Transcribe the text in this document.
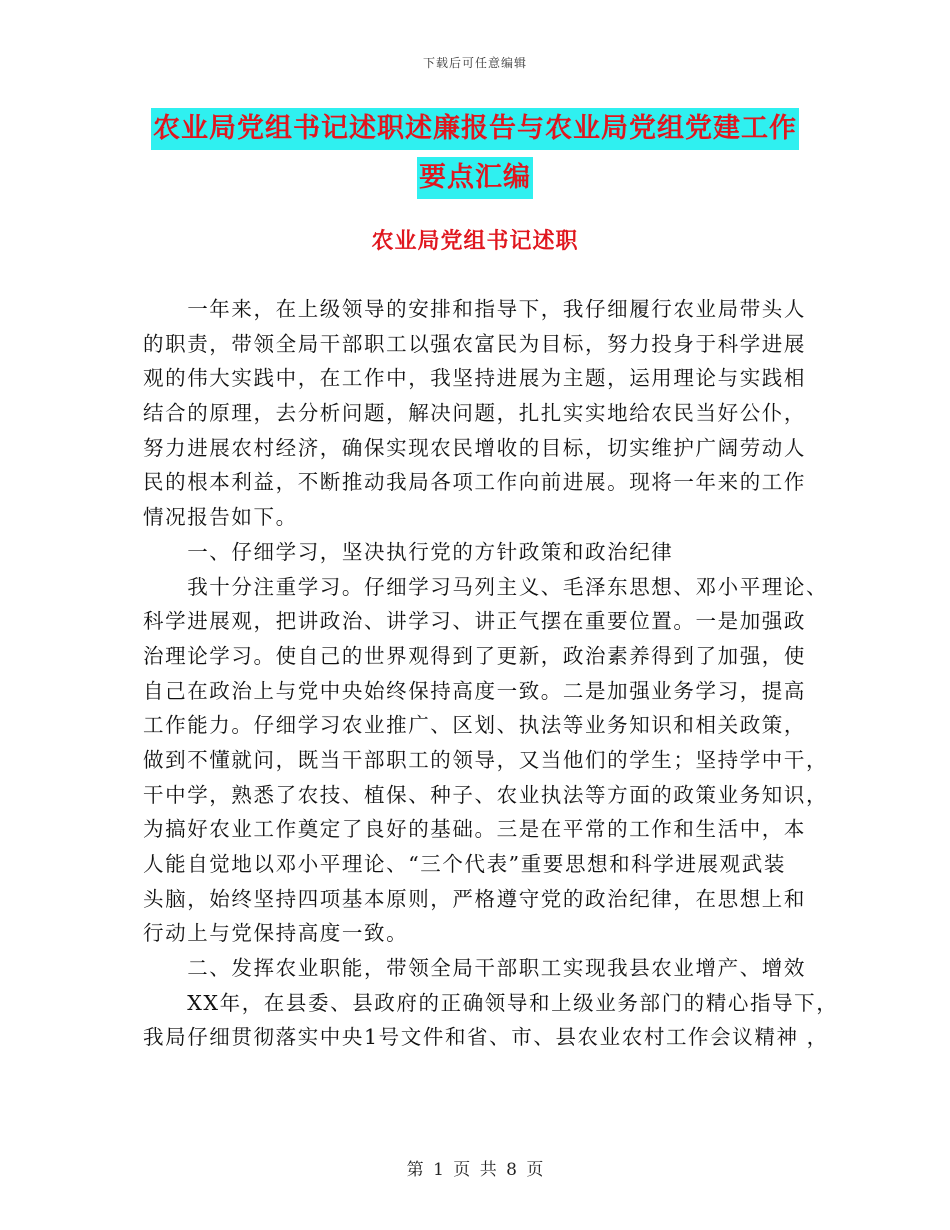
下载后可任意编辑
农业局党组书记述职述廉报告与农业局党组党建工作
要点汇编
农业局党组书记述职
　　一年来，在上级领导的安排和指导下，我仔细履行农业局带头人
的职责，带领全局干部职工以强农富民为目标，努力投身于科学进展
观的伟大实践中，在工作中，我坚持进展为主题，运用理论与实践相
结合的原理，去分析问题，解决问题，扎扎实实地给农民当好公仆，
努力进展农村经济，确保实现农民增收的目标，切实维护广阔劳动人
民的根本利益，不断推动我局各项工作向前进展。现将一年来的工作
情况报告如下。
　　一、仔细学习，坚决执行党的方针政策和政治纪律
　　我十分注重学习。仔细学习马列主义、毛泽东思想、邓小平理论、
科学进展观，把讲政治、讲学习、讲正气摆在重要位置。一是加强政
治理论学习。使自己的世界观得到了更新，政治素养得到了加强，使
自己在政治上与党中央始终保持高度一致。二是加强业务学习，提高
工作能力。仔细学习农业推广、区划、执法等业务知识和相关政策，
做到不懂就问，既当干部职工的领导，又当他们的学生；坚持学中干，
干中学，熟悉了农技、植保、种子、农业执法等方面的政策业务知识，
为搞好农业工作奠定了良好的基础。三是在平常的工作和生活中，本
人能自觉地以邓小平理论、“三个代表”重要思想和科学进展观武装
头脑，始终坚持四项基本原则，严格遵守党的政治纪律，在思想上和
行动上与党保持高度一致。
　　二、发挥农业职能，带领全局干部职工实现我县农业增产、增效
　　XX年，在县委、县政府的正确领导和上级业务部门的精心指导下，
我局仔细贯彻落实中央1号文件和省、市、县农业农村工作会议精神 ，
第 1 页 共 8 页
